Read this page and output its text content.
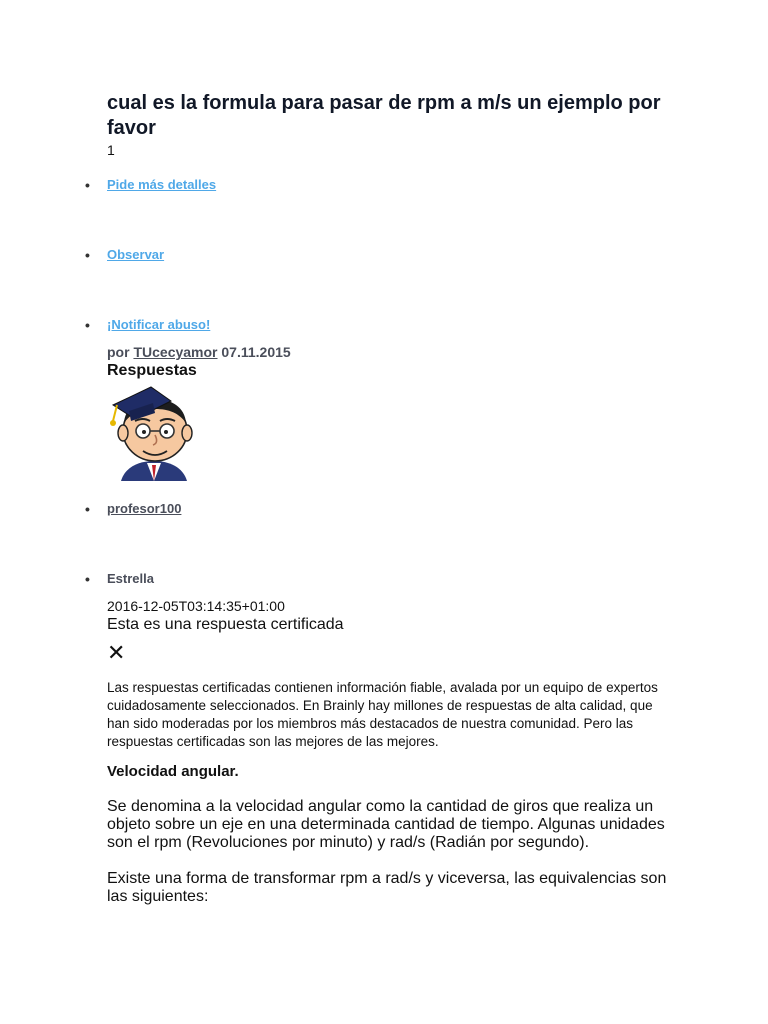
cual es la formula para pasar de rpm a m/s un ejemplo por favor

1

• Pide más detalles
• Observar
• ¡Notificar abuso!

por TUcecyamor 07.11.2015

Respuestas
• profesor100
• Estrella

2016-12-05T03:14:35+01:00

Esta es una respuesta certificada

✕

Las respuestas certificadas contienen información fiable, avalada por un equipo de expertos cuidadosamente seleccionados. En Brainly hay millones de respuestas de alta calidad, que han sido moderadas por los miembros más destacados de nuestra comunidad. Pero las respuestas certificadas son las mejores de las mejores.

Velocidad angular.

Se denomina a la velocidad angular como la cantidad de giros que realiza un objeto sobre un eje en una determinada cantidad de tiempo. Algunas unidades son el rpm (Revoluciones por minuto) y rad/s (Radián por segundo).

Existe una forma de transformar rpm a rad/s y viceversa, las equivalencias son las siguientes:
